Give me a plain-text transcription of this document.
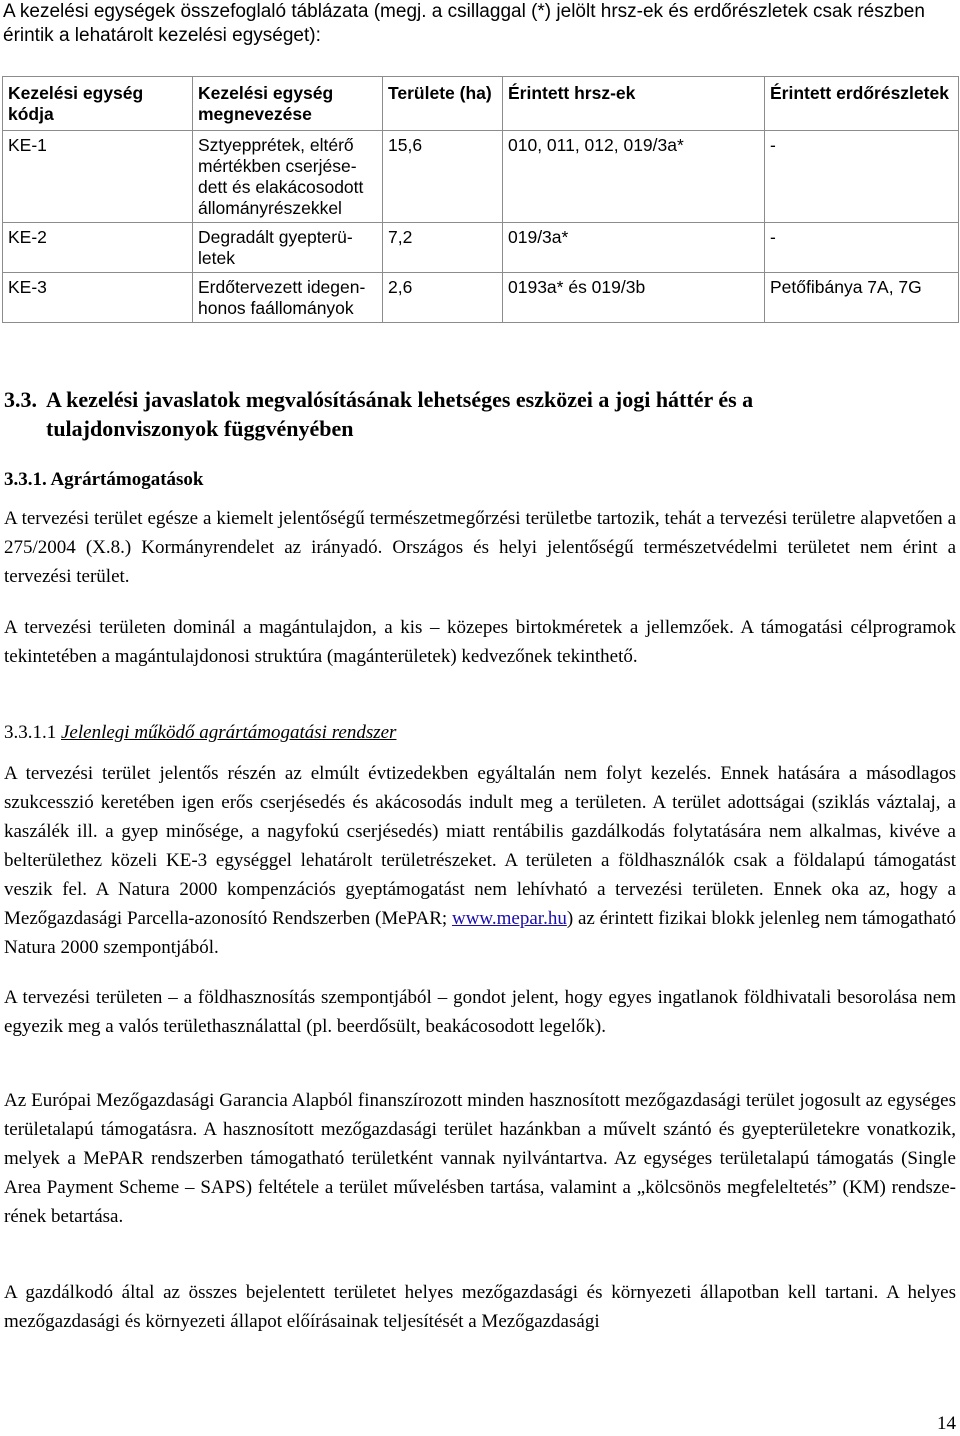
A kezelési egységek összefoglaló táblázata (megj. a csillaggal (*) jelölt hrsz-ek és erdőrészletek csak részben érintik a lehatárolt kezelési egységet):
Kezelési egység kódja	Kezelési egység megnevezése	Területe (ha)	Érintett hrsz-ek	Érintett erdőrészletek
KE-1	Sztyepprétek, eltérő mértékben cserjésedett és elakácosodott állományrészekkel	15,6	010, 011, 012, 019/3a*	-
KE-2	Degradált gyepterületek	7,2	019/3a*	-
KE-3	Erdőtervezett idegenhonos faállományok	2,6	0193a* és 019/3b	Petőfibánya 7A, 7G
3.3. A kezelési javaslatok megvalósításának lehetséges eszközei a jogi háttér és a tulajdonviszonyok függvényében
3.3.1. Agrártámogatások
A tervezési terület egésze a kiemelt jelentőségű természetmegőrzési területbe tartozik, tehát a tervezési területre alapvetően a 275/2004 (X.8.) Kormányrendelet az irányadó. Országos és helyi jelentőségű természetvédelmi területet nem érint a tervezési terület.
A tervezési területen dominál a magántulajdon, a kis – közepes birtokméretek a jellemzőek. A támogatási célprogramok tekintetében a magántulajdonosi struktúra (magánterületek) kedvezőnek tekinthető.
3.3.1.1 Jelenlegi működő agrártámogatási rendszer
A tervezési terület jelentős részén az elmúlt évtizedekben egyáltalán nem folyt kezelés. Ennek hatására a másodlagos szukcesszió keretében igen erős cserjésedés és akácosodás indult meg a területen. A terület adottságai (sziklás váztalaj, a kaszálék ill. a gyep minősége, a nagyfokú cserjésedés) miatt rentábilis gazdálkodás folytatására nem alkalmas, kivéve a belterülethez közeli KE-3 egységgel lehatárolt területrészeket. A területen a földhasználók csak a földalapú támogatást veszik fel. A Natura 2000 kompenzációs gyeptámogatást nem lehívható a tervezési területen. Ennek oka az, hogy a Mezőgazdasági Parcella-azonosító Rendszerben (MePAR; www.mepar.hu) az érintett fizikai blokk jelenleg nem támogatható Natura 2000 szempontjából.
A tervezési területen – a földhasznosítás szempontjából – gondot jelent, hogy egyes ingatlanok földhivatali besorolása nem egyezik meg a valós területhasználattal (pl. beerdősült, beakácosodott legelők).
Az Európai Mezőgazdasági Garancia Alapból finanszírozott minden hasznosított mezőgazdasági terület jogosult az egységes területalapú támogatásra. A hasznosított mezőgazdasági terület hazánkban a művelt szántó és gyepterületekre vonatkozik, melyek a MePAR rendszerben támogatható területként vannak nyilvántartva. Az egységes területalapú támogatás (Single Area Payment Scheme – SAPS) feltétele a terület művelésben tartása, valamint a „kölcsönös megfeleltetés” (KM) rendszerének betartása.
A gazdálkodó által az összes bejelentett területet helyes mezőgazdasági és környezeti állapotban kell tartani. A helyes mezőgazdasági és környezeti állapot előírásainak teljesítését a Mezőgazdasági
14
